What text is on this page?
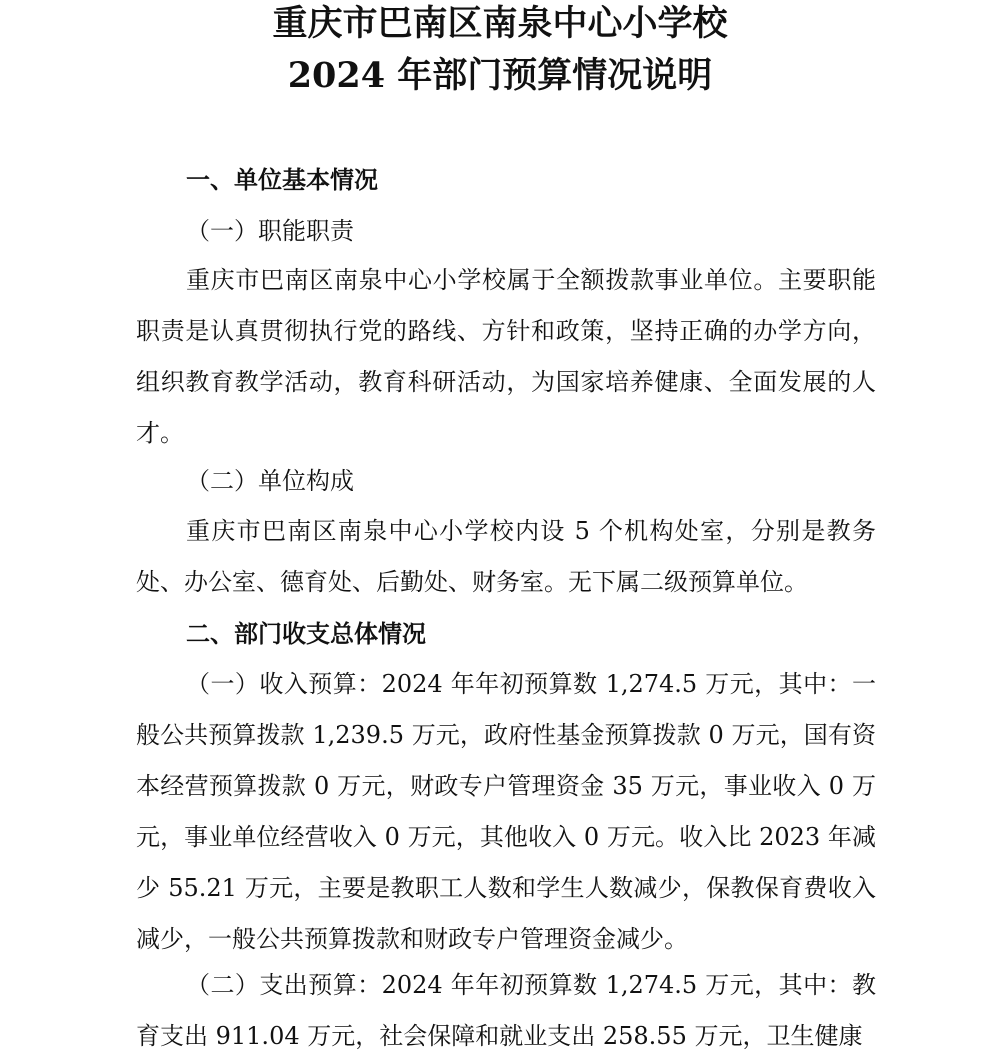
重庆市巴南区南泉中心小学校
2024 年部门预算情况说明
一、单位基本情况
（一）职能职责
重庆市巴南区南泉中心小学校属于全额拨款事业单位。主要职能职责是认真贯彻执行党的路线、方针和政策，坚持正确的办学方向，组织教育教学活动，教育科研活动，为国家培养健康、全面发展的人才。
（二）单位构成
重庆市巴南区南泉中心小学校内设 5 个机构处室，分别是教务处、办公室、德育处、后勤处、财务室。无下属二级预算单位。
二、部门收支总体情况
（一）收入预算：2024 年年初预算数 1,274.5 万元，其中：一般公共预算拨款 1,239.5 万元，政府性基金预算拨款 0 万元，国有资本经营预算拨款 0 万元，财政专户管理资金 35 万元，事业收入 0 万元，事业单位经营收入 0 万元，其他收入 0 万元。收入比 2023 年减少 55.21 万元，主要是教职工人数和学生人数减少，保教保育费收入减少，一般公共预算拨款和财政专户管理资金减少。
（二）支出预算：2024 年年初预算数 1,274.5 万元，其中：教育支出 911.04 万元，社会保障和就业支出 258.55 万元，卫生健康
